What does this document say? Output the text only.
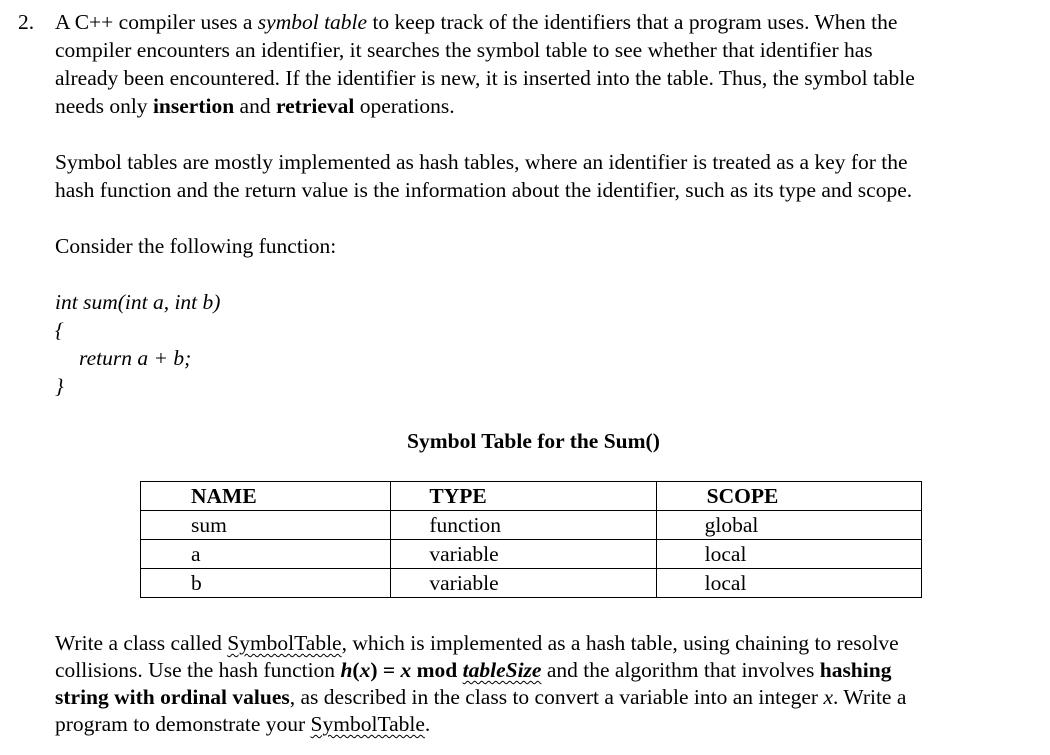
2. A C++ compiler uses a symbol table to keep track of the identifiers that a program uses. When the
compiler encounters an identifier, it searches the symbol table to see whether that identifier has
already been encountered. If the identifier is new, it is inserted into the table. Thus, the symbol table
needs only insertion and retrieval operations.
Symbol tables are mostly implemented as hash tables, where an identifier is treated as a key for the
hash function and the return value is the information about the identifier, such as its type and scope.
Consider the following function:
int sum(int a, int b)
{
return a + b;
}
Symbol Table for the Sum()
NAME	TYPE	SCOPE

sum	function	global

a	variable	local

b	variable	local
Write a class called SymbolTable, which is implemented as a hash table, using chaining to resolve
collisions. Use the hash function h(x) = x mod tableSize and the algorithm that involves hashing
string with ordinal values, as described in the class to convert a variable into an integer x. Write a
program to demonstrate your SymbolTable.
